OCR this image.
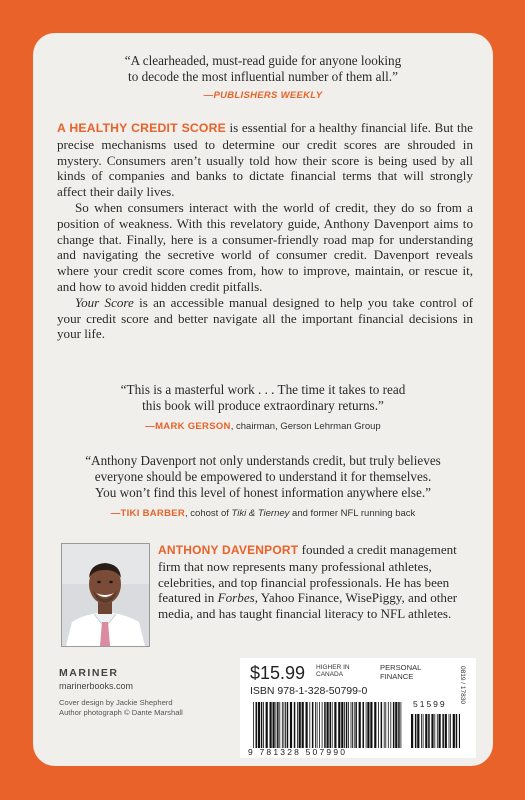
“A clearheaded, must-read guide for anyone looking
to decode the most influential number of them all.”
—PUBLISHERS WEEKLY

A HEALTHY CREDIT SCORE is essential for a healthy financial life. But the precise mechanisms used to determine our credit scores are shrouded in mystery. Consumers aren’t usually told how their score is being used by all kinds of companies and banks to dictate financial terms that will strongly affect their daily lives.

So when consumers interact with the world of credit, they do so from a position of weakness. With this revelatory guide, Anthony Davenport aims to change that. Finally, here is a consumer-friendly road map for understanding and navigating the secretive world of consumer credit. Davenport reveals where your credit score comes from, how to improve, maintain, or rescue it, and how to avoid hidden credit pitfalls.

Your Score is an accessible manual designed to help you take control of your credit score and better navigate all the important financial decisions in your life.

“This is a masterful work . . . The time it takes to read
this book will produce extraordinary returns.”
—MARK GERSON, chairman, Gerson Lehrman Group
“Anthony Davenport not only understands credit, but truly believes
everyone should be empowered to understand it for themselves.
You won’t find this level of honest information anywhere else.”
—TIKI BARBER, cohost of Tiki & Tierney and former NFL running back
ANTHONY DAVENPORT founded a credit management firm that now represents many professional athletes, celebrities, and top financial professionals. He has been featured in Forbes, Yahoo Finance, WisePiggy, and other media, and has taught financial literacy to NFL athletes.
MARINER
marinerbooks.com
Cover design by Jackie Shepherd
Author photograph © Dante Marshall
$15.99 HIGHER IN
CANADA
PERSONAL
FINANCE
ISBN 978-1-328-50799-0	0819 / 17830
9 781328 507990
51599
